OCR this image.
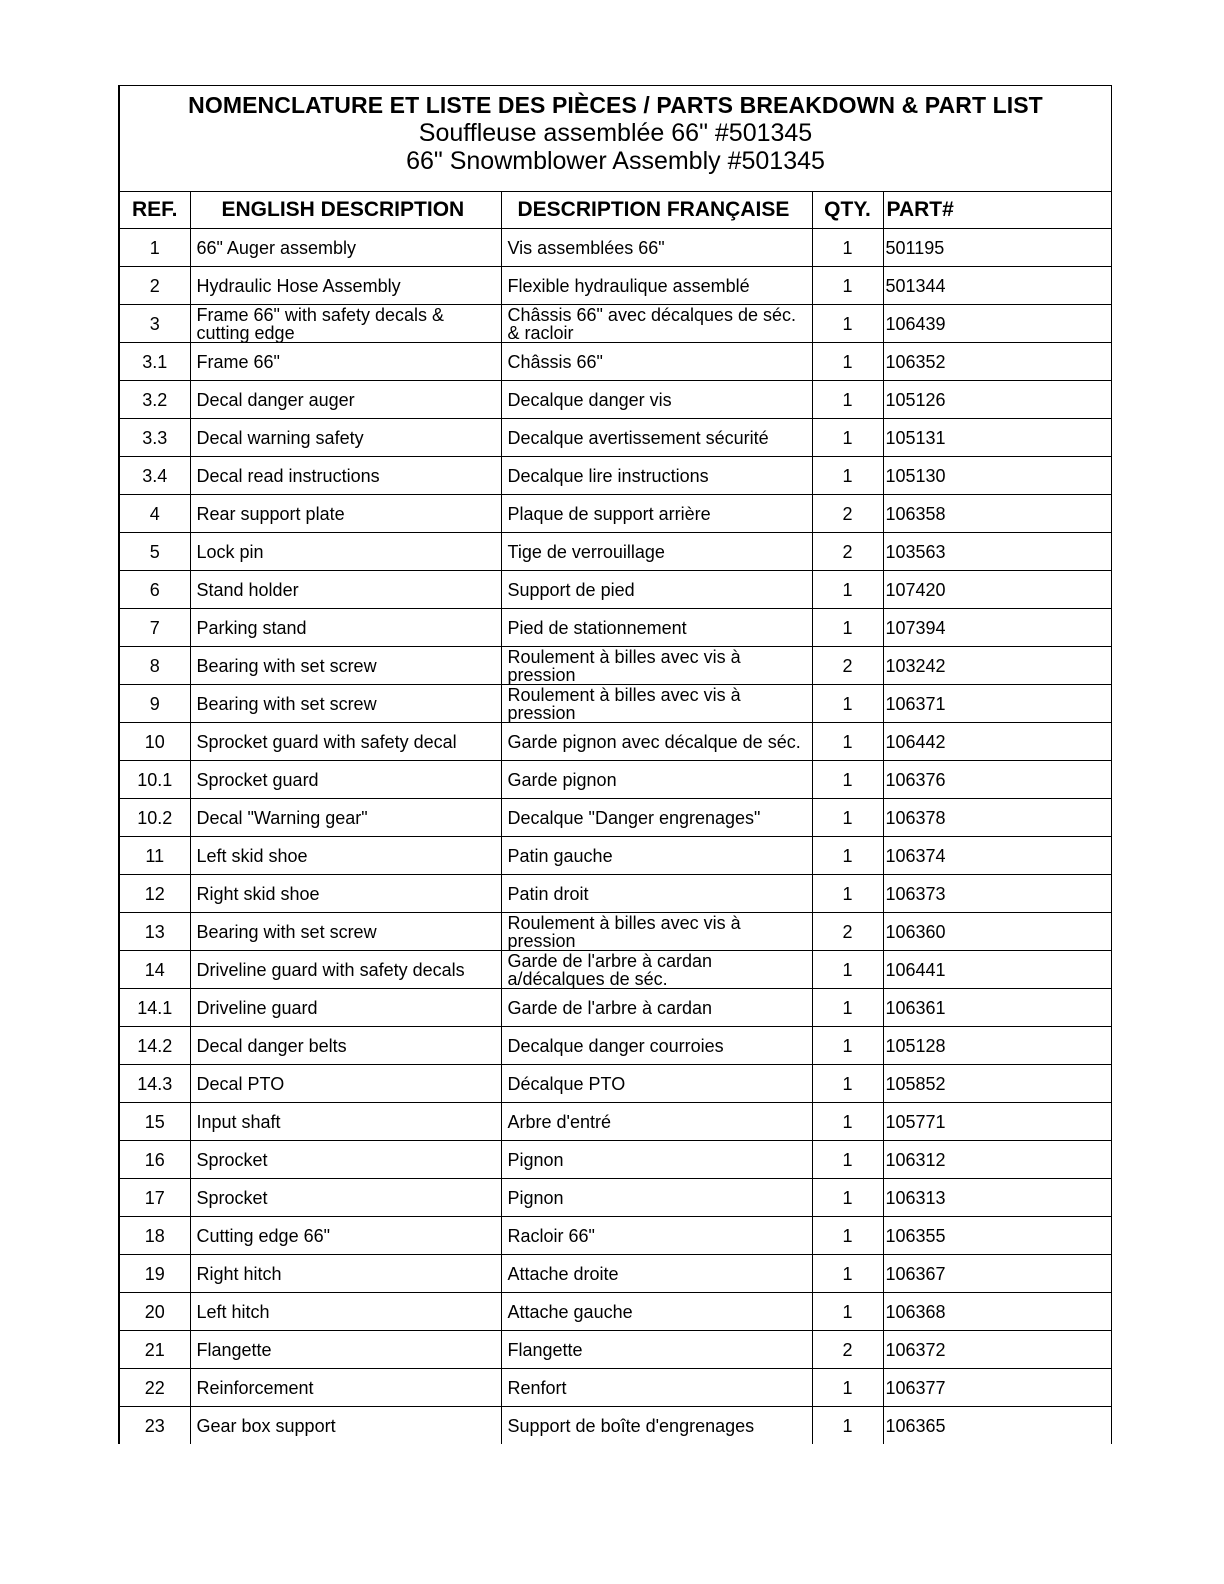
NOMENCLATURE ET LISTE DES PIÈCES / PARTS BREAKDOWN & PART LIST
Souffleuse assemblée 66" #501345
66" Snowmblower Assembly #501345
REF.	ENGLISH DESCRIPTION	DESCRIPTION FRANÇAISE	QTY.	PART#
1	66" Auger assembly	Vis assemblées 66"	1	501195
2	Hydraulic Hose Assembly	Flexible hydraulique assemblé	1	501344
3	Frame 66" with safety decals & cutting edge	Châssis 66" avec décalques de séc. & racloir	1	106439
3.1	Frame 66"	Châssis 66"	1	106352
3.2	Decal danger auger	Decalque danger vis	1	105126
3.3	Decal warning safety	Decalque avertissement sécurité	1	105131
3.4	Decal read instructions	Decalque lire instructions	1	105130
4	Rear support plate	Plaque de support arrière	2	106358
5	Lock pin	Tige de verrouillage	2	103563
6	Stand holder	Support de pied	1	107420
7	Parking stand	Pied de stationnement	1	107394
8	Bearing with set screw	Roulement à billes avec vis à pression	2	103242
9	Bearing with set screw	Roulement à billes avec vis à pression	1	106371
10	Sprocket guard with safety decal	Garde pignon avec décalque de séc.	1	106442
10.1	Sprocket guard	Garde pignon	1	106376
10.2	Decal "Warning gear"	Decalque "Danger engrenages"	1	106378
11	Left skid shoe	Patin gauche	1	106374
12	Right skid shoe	Patin droit	1	106373
13	Bearing with set screw	Roulement à billes avec vis à pression	2	106360
14	Driveline guard with safety decals	Garde de l'arbre à cardan a/décalques de séc.	1	106441
14.1	Driveline guard	Garde de l'arbre à cardan	1	106361
14.2	Decal danger belts	Decalque danger courroies	1	105128
14.3	Decal PTO	Décalque PTO	1	105852
15	Input shaft	Arbre d'entré	1	105771
16	Sprocket	Pignon	1	106312
17	Sprocket	Pignon	1	106313
18	Cutting edge 66"	Racloir 66"	1	106355
19	Right hitch	Attache droite	1	106367
20	Left hitch	Attache gauche	1	106368
21	Flangette	Flangette	2	106372
22	Reinforcement	Renfort	1	106377
23	Gear box support	Support de boîte d'engrenages	1	106365
